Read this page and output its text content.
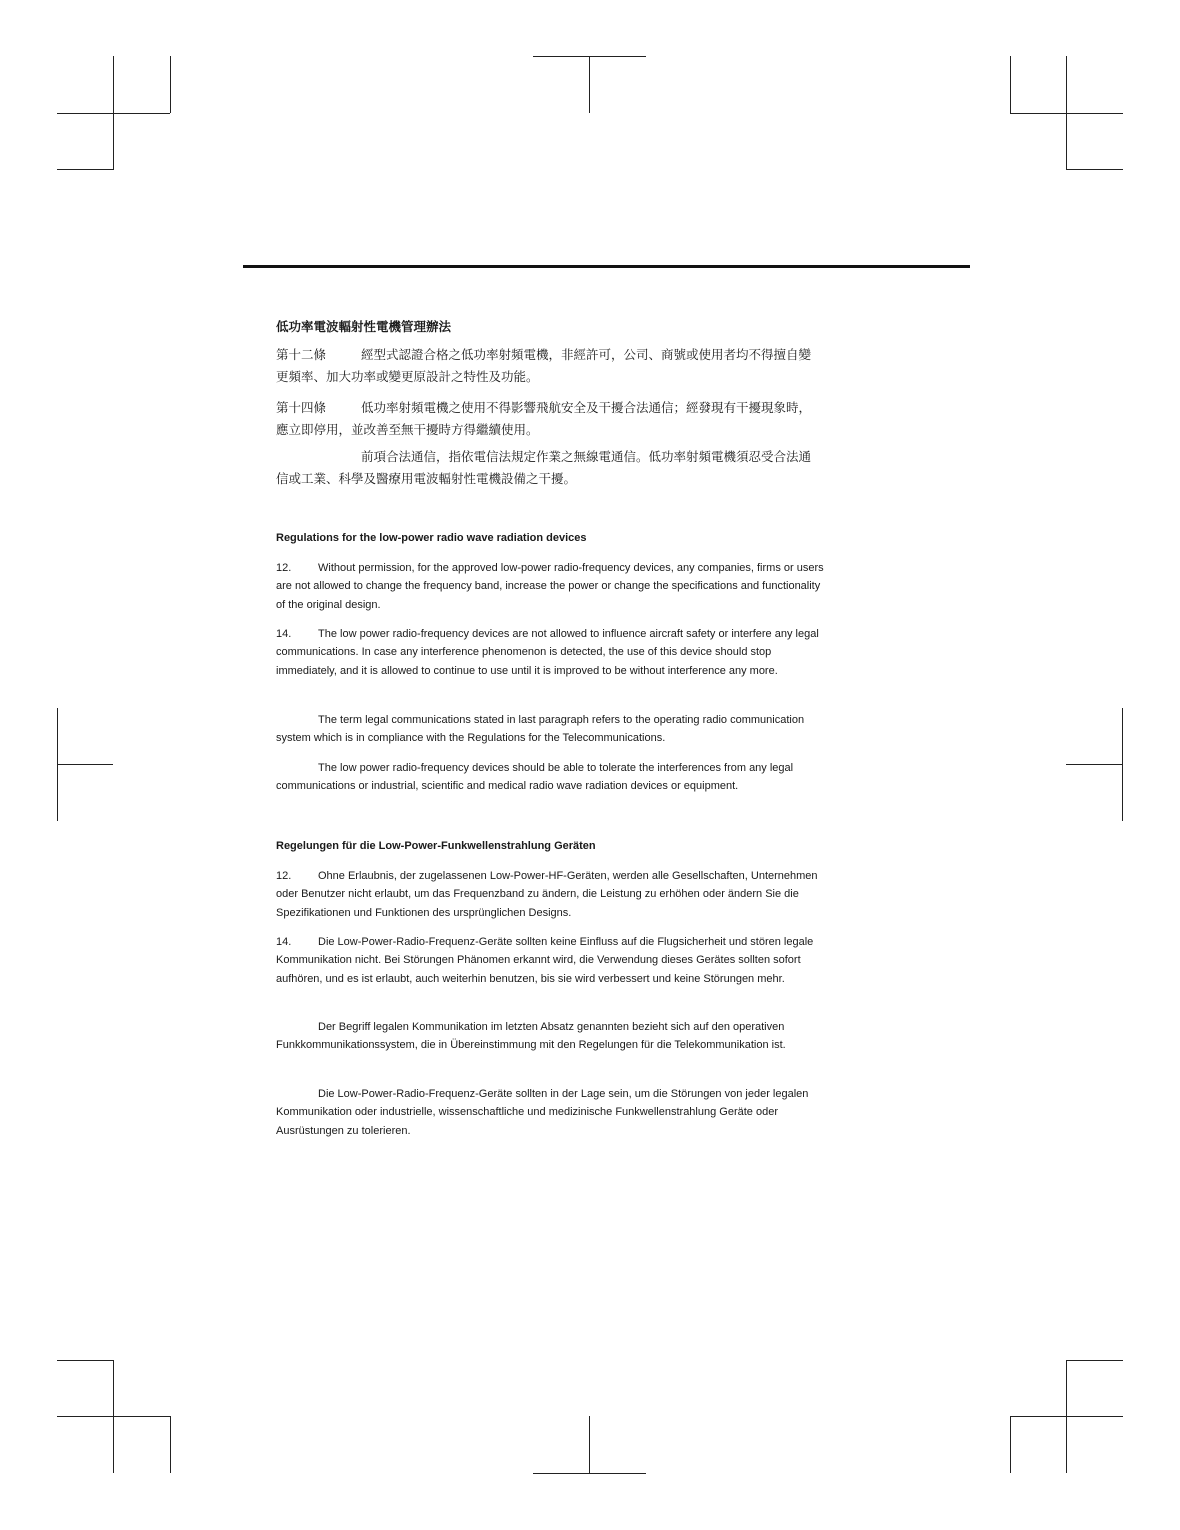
低功率電波輻射性電機管理辦法

第十二條	經型式認證合格之低功率射頻電機，非經許可，公司、商號或使用者均不得擅自變更頻率、加大功率或變更原設計之特性及功能。

第十四條	低功率射頻電機之使用不得影響飛航安全及干擾合法通信；經發現有干擾現象時，應立即停用，並改善至無干擾時方得繼續使用。

前項合法通信，指依電信法規定作業之無線電通信。低功率射頻電機須忍受合法通信或工業、科學及醫療用電波輻射性電機設備之干擾。

Regulations for the low-power radio wave radiation devices

12. Without permission, for the approved low-power radio-frequency devices, any companies, firms or users are not allowed to change the frequency band, increase the power or change the specifications and functionality of the original design.

14. The low power radio-frequency devices are not allowed to influence aircraft safety or interfere any legal communications. In case any interference phenomenon is detected, the use of this device should stop immediately, and it is allowed to continue to use until it is improved to be without interference any more.

The term legal communications stated in last paragraph refers to the operating radio communication system which is in compliance with the Regulations for the Telecommunications.

The low power radio-frequency devices should be able to tolerate the interferences from any legal communications or industrial, scientific and medical radio wave radiation devices or equipment.

Regelungen für die Low-Power-Funkwellenstrahlung Geräten

12. Ohne Erlaubnis, der zugelassenen Low-Power-HF-Geräten, werden alle Gesellschaften, Unternehmen oder Benutzer nicht erlaubt, um das Frequenzband zu ändern, die Leistung zu erhöhen oder ändern Sie die Spezifikationen und Funktionen des ursprünglichen Designs.

14. Die Low-Power-Radio-Frequenz-Geräte sollten keine Einfluss auf die Flugsicherheit und stören legale Kommunikation nicht. Bei Störungen Phänomen erkannt wird, die Verwendung dieses Gerätes sollten sofort aufhören, und es ist erlaubt, auch weiterhin benutzen, bis sie wird verbessert und keine Störungen mehr.

Der Begriff legalen Kommunikation im letzten Absatz genannten bezieht sich auf den operativen Funkkommunikationssystem, die in Übereinstimmung mit den Regelungen für die Telekommunikation ist.

Die Low-Power-Radio-Frequenz-Geräte sollten in der Lage sein, um die Störungen von jeder legalen Kommunikation oder industrielle, wissenschaftliche und medizinische Funkwellenstrahlung Geräte oder Ausrüstungen zu tolerieren.
